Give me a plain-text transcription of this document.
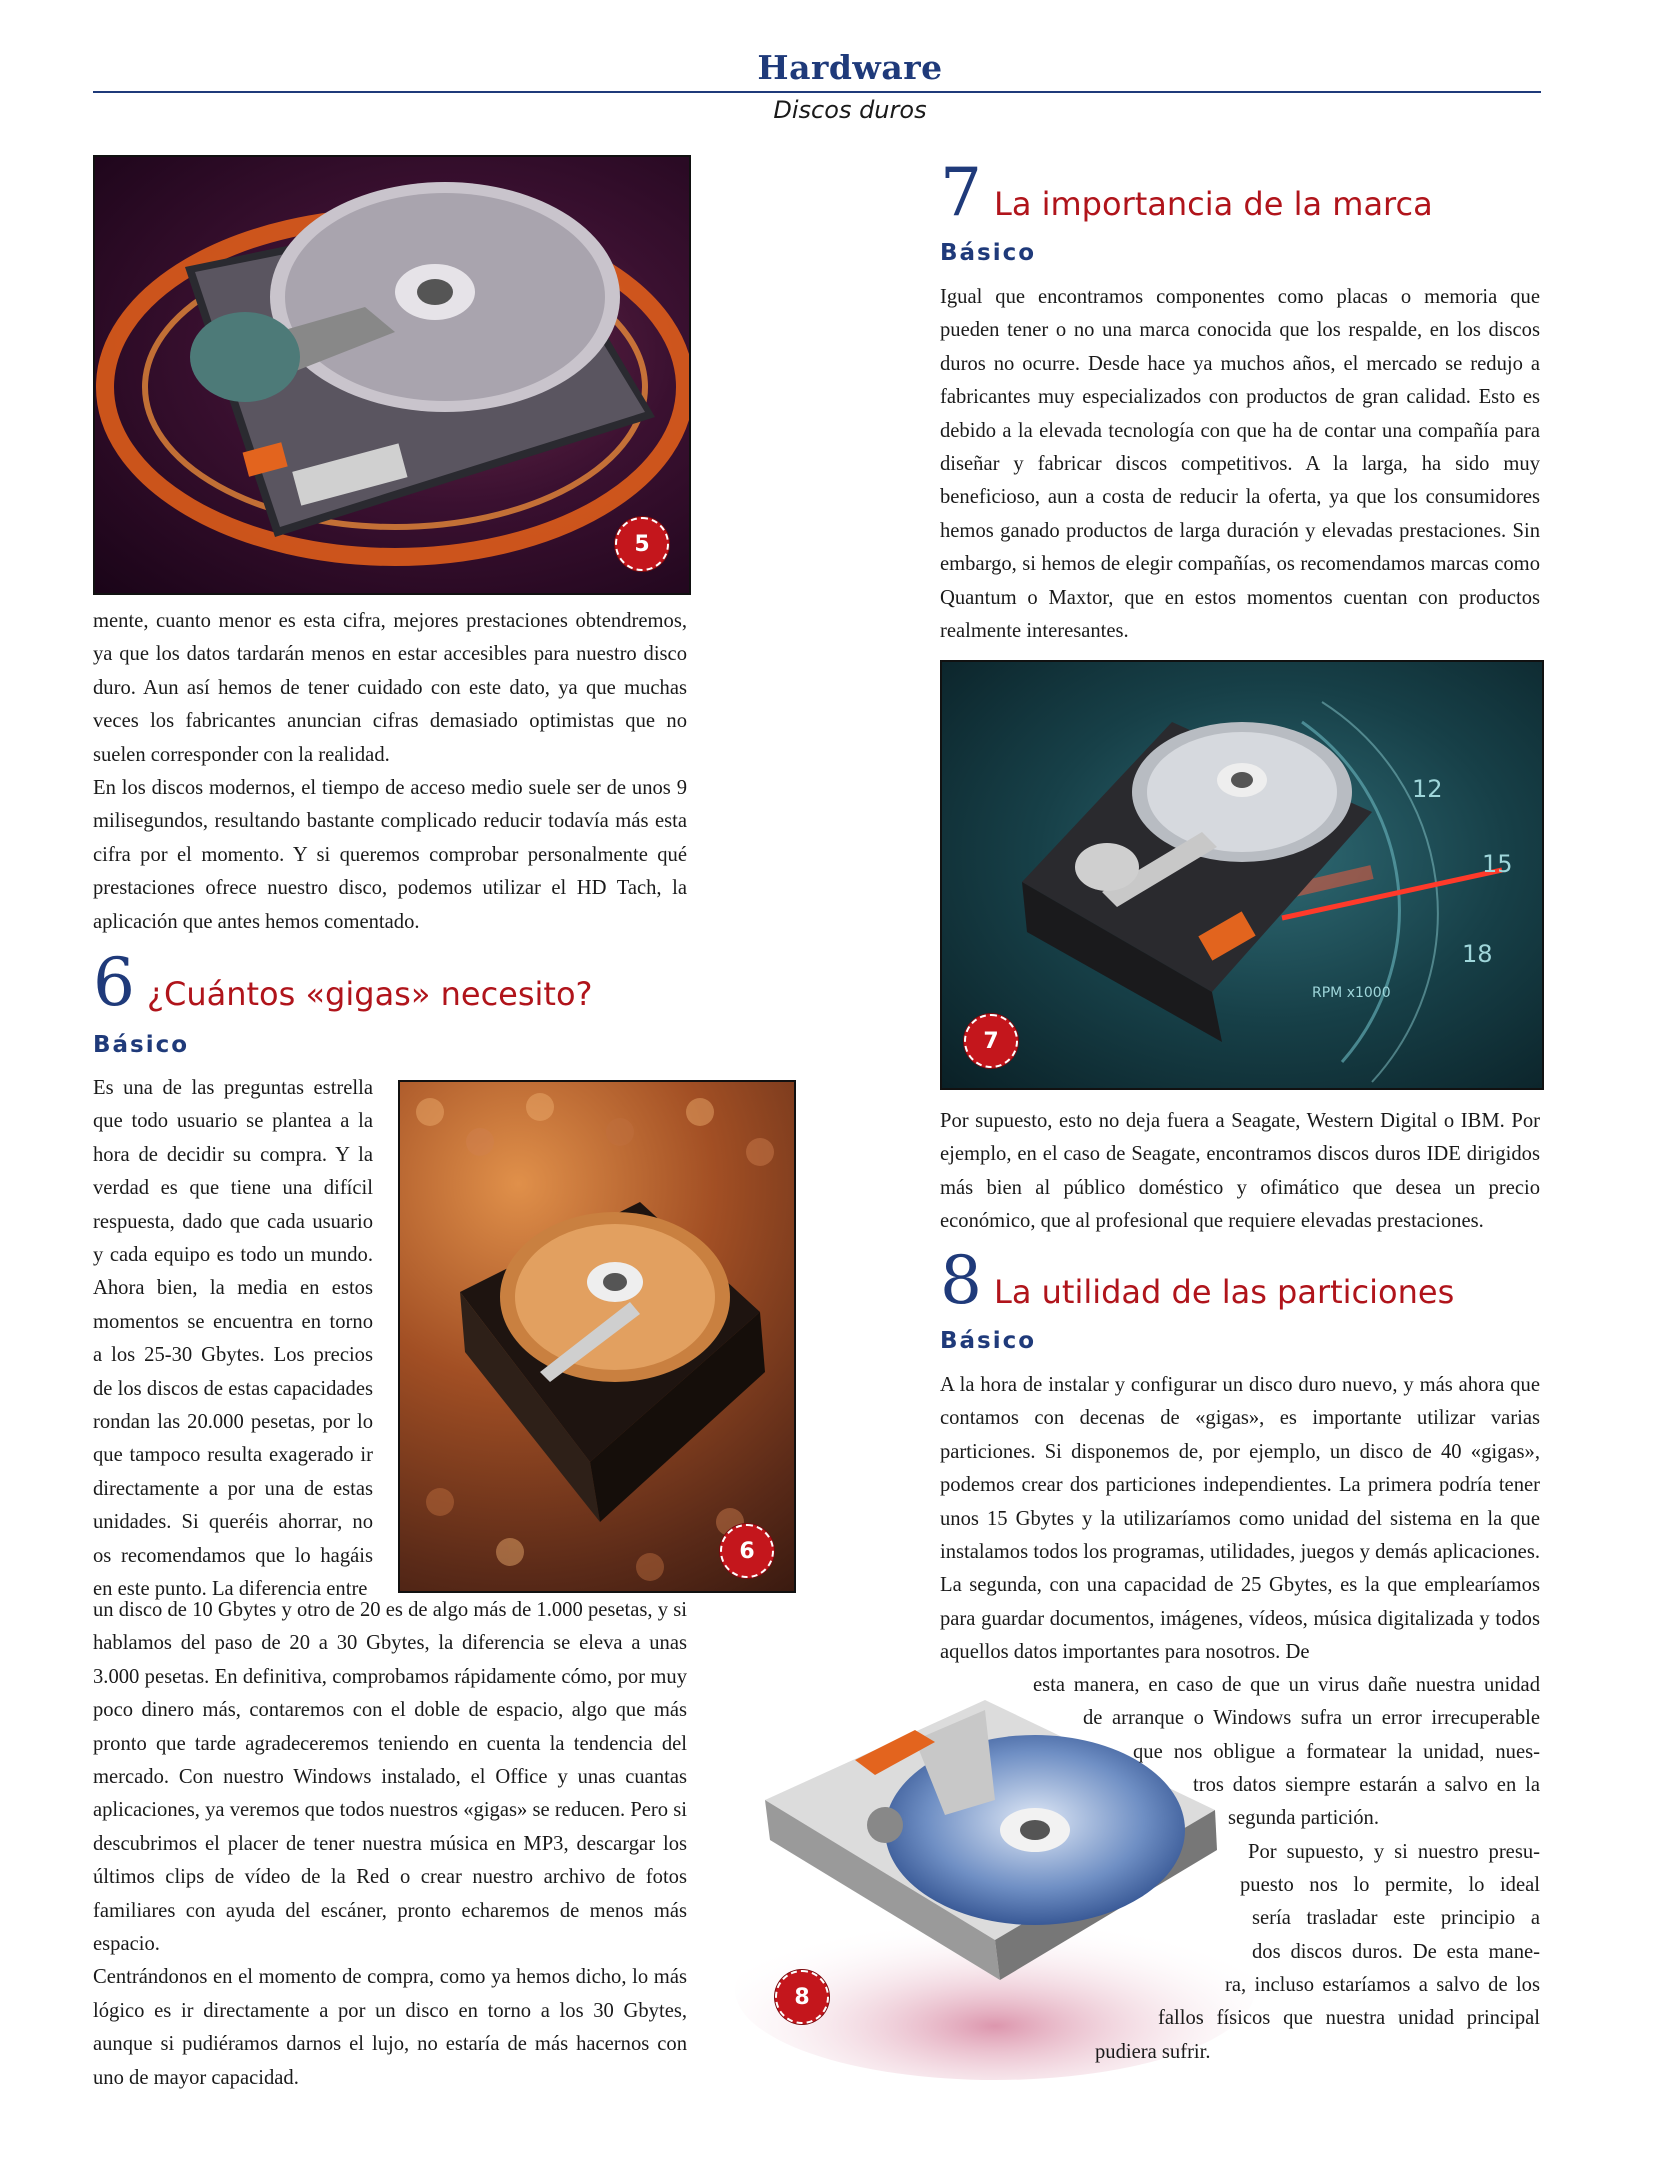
Hardware
Discos duros
5

mente, cuanto menor es esta cifra, mejores prestaciones obtendremos, ya que los datos tardarán menos en estar accesibles para nuestro disco duro. Aun así hemos de tener cuidado con este dato, ya que muchas veces los fabricantes anuncian cifras demasiado optimistas que no suelen corresponder con la realidad.

En los discos modernos, el tiempo de acceso medio suele ser de unos 9 milisegundos, resultando bastante complicado reducir todavía más esta cifra por el momento. Y si queremos comprobar personalmente qué prestaciones ofrece nuestro disco, podemos utilizar el HD Tach, la aplicación que antes hemos comentado.

6 ¿Cuántos «gigas» necesito?
Básico

Es una de las preguntas estrella que todo usuario se plantea a la hora de decidir su compra. Y la verdad es que tiene una difícil respuesta, dado que cada usuario y cada equipo es todo un mundo. Ahora bien, la media en estos momentos se encuentra en torno a los 25-30 Gbytes. Los precios de los discos de estas capacidades rondan las 20.000 pesetas, por lo que tampoco resulta exagerado ir directamente a por una de estas unidades. Si queréis ahorrar, no os recomendamos que lo hagáis en este punto. La diferencia entre

6

un disco de 10 Gbytes y otro de 20 es de algo más de 1.000 pesetas, y si hablamos del paso de 20 a 30 Gbytes, la diferencia se eleva a unas 3.000 pesetas. En definitiva, comprobamos rápidamente cómo, por muy poco dinero más, contaremos con el doble de espacio, algo que más pronto que tarde agradeceremos teniendo en cuenta la tendencia del mercado. Con nuestro Windows instalado, el Office y unas cuantas aplicaciones, ya veremos que todos nuestros «gigas» se reducen. Pero si descubrimos el placer de tener nuestra música en MP3, descargar los últimos clips de vídeo de la Red o crear nuestro archivo de fotos familiares con ayuda del escáner, pronto echaremos de menos más espacio.

Centrándonos en el momento de compra, como ya hemos dicho, lo más lógico es ir directamente a por un disco en torno a los 30 Gbytes, aunque si pudiéramos darnos el lujo, no estaría de más hacernos con uno de mayor capacidad.

7 La importancia de la marca
Básico

Igual que encontramos componentes como placas o memoria que pueden tener o no una marca conocida que los respalde, en los discos duros no ocurre. Desde hace ya muchos años, el mercado se redujo a fabricantes muy especializados con productos de gran calidad. Esto es debido a la elevada tecnología con que ha de contar una compañía para diseñar y fabricar discos competitivos. A la larga, ha sido muy beneficioso, aun a costa de reducir la oferta, ya que los consumidores hemos ganado productos de larga duración y elevadas prestaciones. Sin embargo, si hemos de elegir compañías, os recomendamos marcas como Quantum o Maxtor, que en estos momentos cuentan con productos realmente interesantes.

12
15
18
RPM x1000
7

Por supuesto, esto no deja fuera a Seagate, Western Digital o IBM. Por ejemplo, en el caso de Seagate, encontramos discos duros IDE dirigidos más bien al público doméstico y ofimático que desea un precio económico, que al profesional que requiere elevadas prestaciones.

8 La utilidad de las particiones
Básico

A la hora de instalar y configurar un disco duro nuevo, y más ahora que contamos con decenas de «gigas», es importante utilizar varias particiones. Si disponemos de, por ejemplo, un disco de 40 «gigas», podemos crear dos particiones independientes. La primera podría tener unos 15 Gbytes y la utilizaríamos como unidad del sistema en la que instalamos todos los programas, utilidades, juegos y demás aplicaciones. La segunda, con una capacidad de 25 Gbytes, es la que emplearíamos para guardar documentos, imágenes, vídeos, música digitalizada y todos aquellos datos importantes para nosotros. De

8
esta manera, en caso de que un virus dañe nuestra unidad
de arranque o Windows sufra un error irrecuperable
que nos obligue a formatear la unidad, nues-
tros datos siempre estarán a salvo en la
segunda partición.
Por supuesto, y si nuestro presu-
puesto nos lo permite, lo ideal
sería trasladar este principio a
dos discos duros. De esta mane-
ra, incluso estaríamos a salvo de los
fallos físicos que nuestra unidad principal
pudiera sufrir.
